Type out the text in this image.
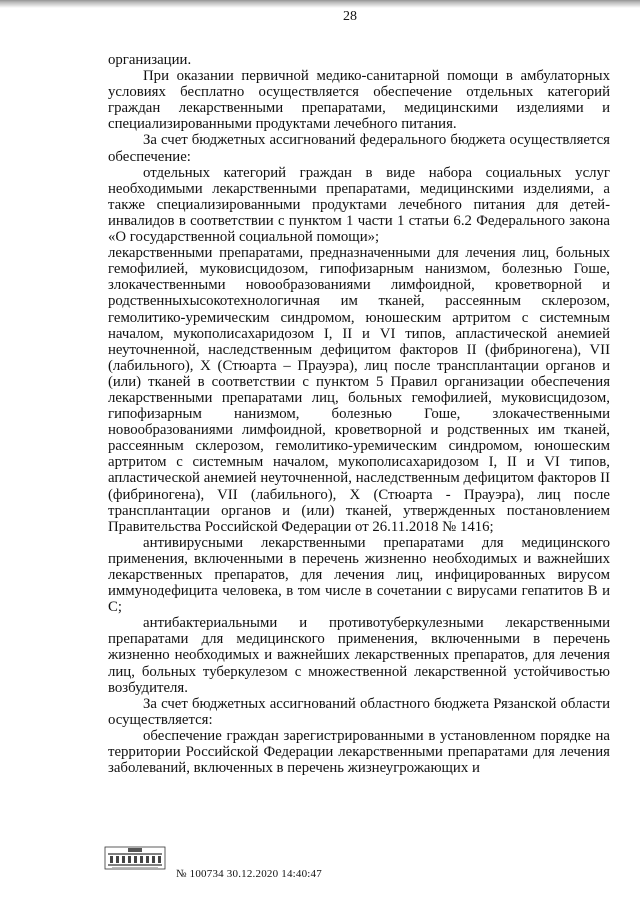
28

организации.

При оказании первичной медико-санитарной помощи в амбулаторных условиях бесплатно осуществляется обеспечение отдельных категорий граждан лекарственными препаратами, медицинскими изделиями и специализированными продуктами лечебного питания.

За счет бюджетных ассигнований федерального бюджета осуществляется обеспечение:

отдельных категорий граждан в виде набора социальных услуг необходимыми лекарственными препаратами, медицинскими изделиями, а также специализированными продуктами лечебного питания для детей-инвалидов в соответствии с пунктом 1 части 1 статьи 6.2 Федерального закона «О государственной социальной помощи»;

лекарственными препаратами, предназначенными для лечения лиц, больных гемофилией, муковисцидозом, гипофизарным нанизмом, болезнью Гоше, злокачественными новообразованиями лимфоидной, кроветворной и родственныхысокотехнологичная им тканей, рассеянным склерозом, гемолитико-уремическим синдромом, юношеским артритом с системным началом, мукополисахаридозом I, II и VI типов, апластической анемией неуточненной, наследственным дефицитом факторов II (фибриногена), VII (лабильного), X (Стюарта – Прауэра), лиц после трансплантации органов и (или) тканей в соответствии с пунктом 5 Правил организации обеспечения лекарственными препаратами лиц, больных гемофилией, муковисцидозом, гипофизарным нанизмом, болезнью Гоше, злокачественными новообразованиями лимфоидной, кроветворной и родственных им тканей, рассеянным склерозом, гемолитико-уремическим синдромом, юношеским артритом с системным началом, мукополисахаридозом I, II и VI типов, апластической анемией неуточненной, наследственным дефицитом факторов II (фибриногена), VII (лабильного), X (Стюарта - Прауэра), лиц после трансплантации органов и (или) тканей, утвержденных постановлением Правительства Российской Федерации от 26.11.2018 № 1416;

антивирусными лекарственными препаратами для медицинского применения, включенными в перечень жизненно необходимых и важнейших лекарственных препаратов, для лечения лиц, инфицированных вирусом иммунодефицита человека, в том числе в сочетании с вирусами гепатитов В и С;

антибактериальными и противотуберкулезными лекарственными препаратами для медицинского применения, включенными в перечень жизненно необходимых и важнейших лекарственных препаратов, для лечения лиц, больных туберкулезом с множественной лекарственной устойчивостью возбудителя.

За счет бюджетных ассигнований областного бюджета Рязанской области осуществляется:

обеспечение граждан зарегистрированными в установленном порядке на территории Российской Федерации лекарственными препаратами для лечения заболеваний, включенных в перечень жизнеугрожающих и

№ 100734 30.12.2020 14:40:47
